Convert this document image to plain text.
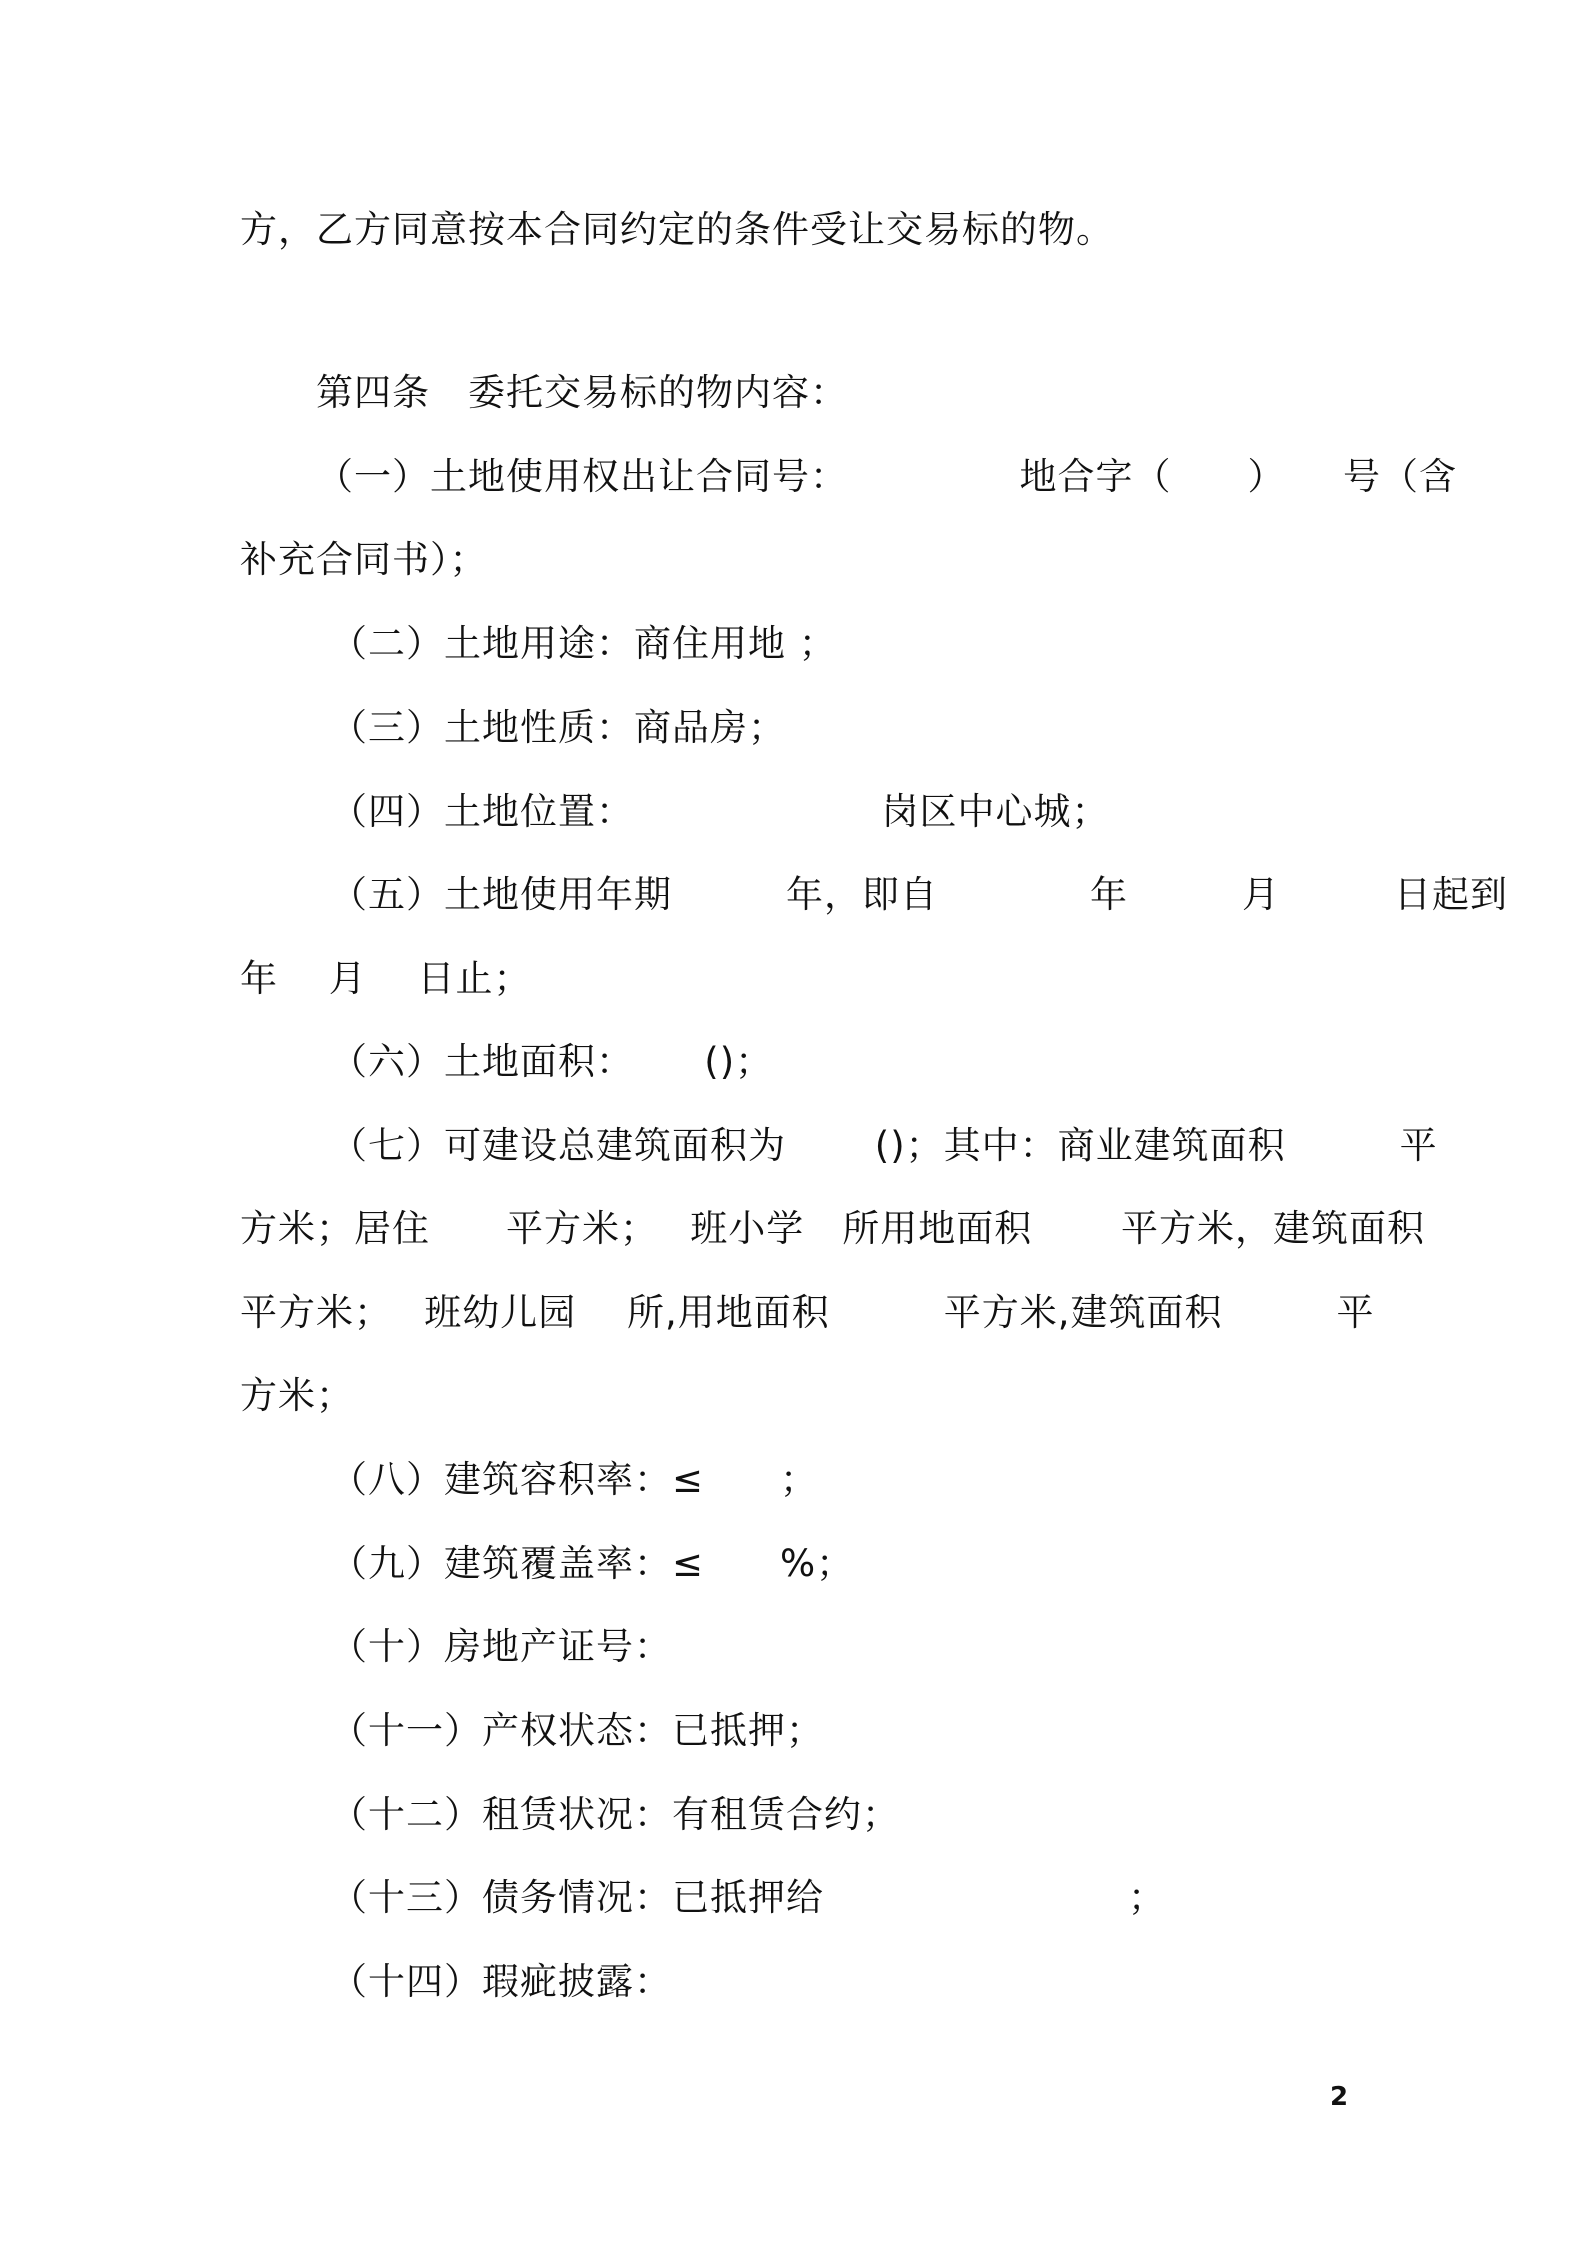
方，乙方同意按本合同约定的条件受让交易标的物。
第四条　委托交易标的物内容：
（一）土地使用权出让合同号：　　　　　地合字（　　）　　号（含
补充合同书）；
（二）土地用途：商住用地 ；
（三）土地性质：商品房；
（四）土地位置：　　　　　　　岗区中心城；
（五）土地使用年期　　　年，即自　　　　年　　　月　　　日起到
年　 月　 日止；
（六）土地面积：　　 ()；
（七）可建设总建筑面积为　　 ()；其中：商业建筑面积　　　平
方米；居住　　平方米；　 班小学　所用地面积　　 平方米，建筑面积
平方米；　 班幼儿园　 所,用地面积　　　平方米,建筑面积　　　平
方米；
（八）建筑容积率：≤　　；
（九）建筑覆盖率：≤　　%；
（十）房地产证号：
（十一）产权状态：已抵押；
（十二）租赁状况：有租赁合约；
（十三）债务情况：已抵押给　　　　　　　　；
（十四）瑕疵披露：
2
